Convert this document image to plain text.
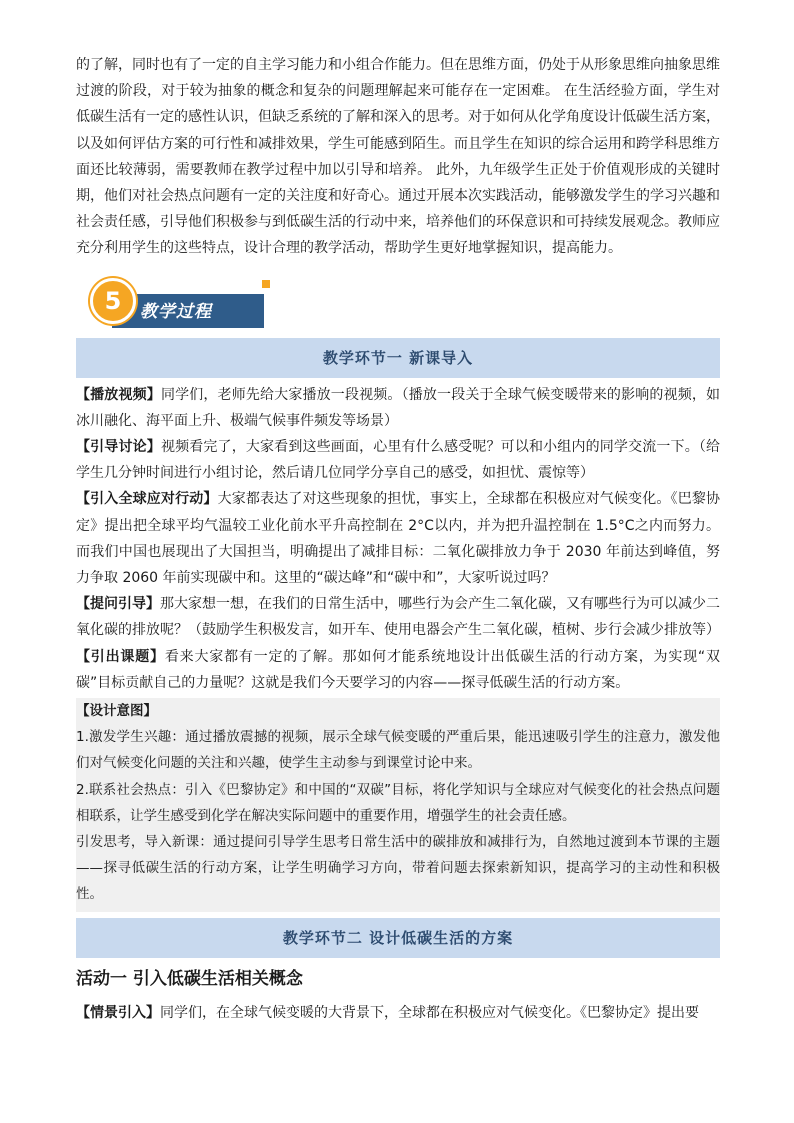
的了解，同时也有了一定的自主学习能力和小组合作能力。但在思维方面，仍处于从形象思维向抽象思维过渡的阶段，对于较为抽象的概念和复杂的问题理解起来可能存在一定困难。 在生活经验方面，学生对低碳生活有一定的感性认识，但缺乏系统的了解和深入的思考。对于如何从化学角度设计低碳生活方案，以及如何评估方案的可行性和减排效果，学生可能感到陌生。而且学生在知识的综合运用和跨学科思维方面还比较薄弱，需要教师在教学过程中加以引导和培养。 此外，九年级学生正处于价值观形成的关键时期，他们对社会热点问题有一定的关注度和好奇心。通过开展本次实践活动，能够激发学生的学习兴趣和社会责任感，引导他们积极参与到低碳生活的行动中来，培养他们的环保意识和可持续发展观念。教师应充分利用学生的这些特点，设计合理的教学活动，帮助学生更好地掌握知识，提高能力。

5	教学过程
教学环节一 新课导入

【播放视频】同学们，老师先给大家播放一段视频。（播放一段关于全球气候变暖带来的影响的视频，如冰川融化、海平面上升、极端气候事件频发等场景）

【引导讨论】视频看完了，大家看到这些画面，心里有什么感受呢？可以和小组内的同学交流一下。（给学生几分钟时间进行小组讨论，然后请几位同学分享自己的感受，如担忧、震惊等）

【引入全球应对行动】大家都表达了对这些现象的担忧，事实上，全球都在积极应对气候变化。《巴黎协定》提出把全球平均气温较工业化前水平升高控制在 2°C以内，并为把升温控制在 1.5°C之内而努力。而我们中国也展现出了大国担当，明确提出了减排目标：二氧化碳排放力争于 2030 年前达到峰值，努力争取 2060 年前实现碳中和。这里的“碳达峰”和“碳中和”，大家听说过吗？

【提问引导】那大家想一想，在我们的日常生活中，哪些行为会产生二氧化碳，又有哪些行为可以减少二氧化碳的排放呢？（鼓励学生积极发言，如开车、使用电器会产生二氧化碳，植树、步行会减少排放等）

【引出课题】看来大家都有一定的了解。那如何才能系统地设计出低碳生活的行动方案，为实现“双碳”目标贡献自己的力量呢？这就是我们今天要学习的内容——探寻低碳生活的行动方案。

【设计意图】

1.激发学生兴趣：通过播放震撼的视频，展示全球气候变暖的严重后果，能迅速吸引学生的注意力，激发他们对气候变化问题的关注和兴趣，使学生主动参与到课堂讨论中来。

2.联系社会热点：引入《巴黎协定》和中国的“双碳”目标，将化学知识与全球应对气候变化的社会热点问题相联系，让学生感受到化学在解决实际问题中的重要作用，增强学生的社会责任感。

引发思考，导入新课：通过提问引导学生思考日常生活中的碳排放和减排行为，自然地过渡到本节课的主题——探寻低碳生活的行动方案，让学生明确学习方向，带着问题去探索新知识，提高学习的主动性和积极性。

教学环节二 设计低碳生活的方案
活动一 引入低碳生活相关概念

【情景引入】同学们，在全球气候变暖的大背景下，全球都在积极应对气候变化。《巴黎协定》提出要
